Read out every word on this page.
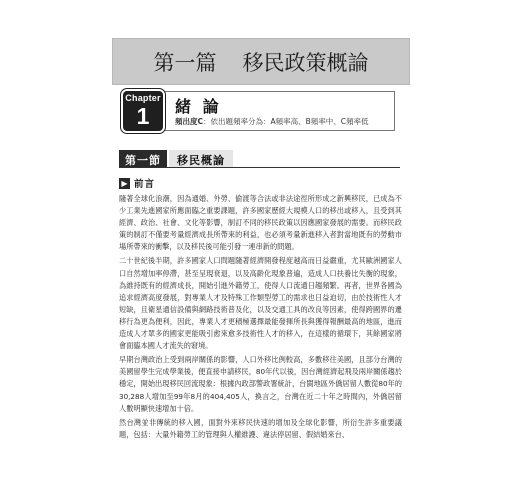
第一篇 移民政策概論
Chapter
1	緒 論
頻出度C：依出題頻率分為：A頻率高、B頻率中、C頻率低
第一節	移民概論
▶ 前言

隨著全球化浪潮，因為通婚、外勞、偷渡等合法或非法途徑所形成之新興移民，已成為不少工業先進國家所應面臨之重要課題，許多國家歷經大規模人口的移出或移入，且受到其經濟、政治、社會、文化等影響，制訂不同的移民政策以因應國家發展的需要。而移民政策的制訂不僅要考量經濟成長所帶來的利益，也必須考量新進移入者對當地既有的勞動市場所帶來的衝擊，以及移民後可能引發一連串新的問題。

二十世紀後半期，許多國家人口問題隨著經濟開發程度越高而日益嚴重，尤其歐洲國家人口自然增加率停滯，甚至呈現衰退，以及高齡化現象普遍，造成人口扶養比失衡的現象，為維持既有的經濟成長，開始引進外籍勞工，使得人口流通日趨頻繁。再者，世界各國為追求經濟高度發展，對專業人才及特殊工作類型勞工的需求也日益迫切，由於技術性人才短缺，且衛星通信設備與網路技術普及化，以及交通工具的改良等因素，使得跨國界的遷移行為更為便利，因此，專業人才更積極選擇最能發揮所長與獲得報酬最高的地區，進而造成人才眾多的國家更能吸引愈來愈多技術性人才的移入，在這樣的循環下，其餘國家將會面臨本國人才流失的窘境。

早期台灣政治上受到兩岸關係的影響，人口外移比例較高，多數移往美國，且部分台灣的美國留學生完成學業後，便直接申請移民，80年代以後，因台灣經濟起飛及兩岸關係趨於穩定，開始出現移民回流現象：根據內政部警政署統計，台閩地區外僑居留人數從80年的30,288人增加至99年8月的404,405人，換言之，台灣在近二十年之時間內，外僑居留人數明顯快速增加十倍。

然台灣並非傳統的移入國，面對外來移民快速的增加及全球化影響，所衍生許多重要議題，包括：大量外籍勞工的管理與人權維護、違法停居留、假結婚來台、
